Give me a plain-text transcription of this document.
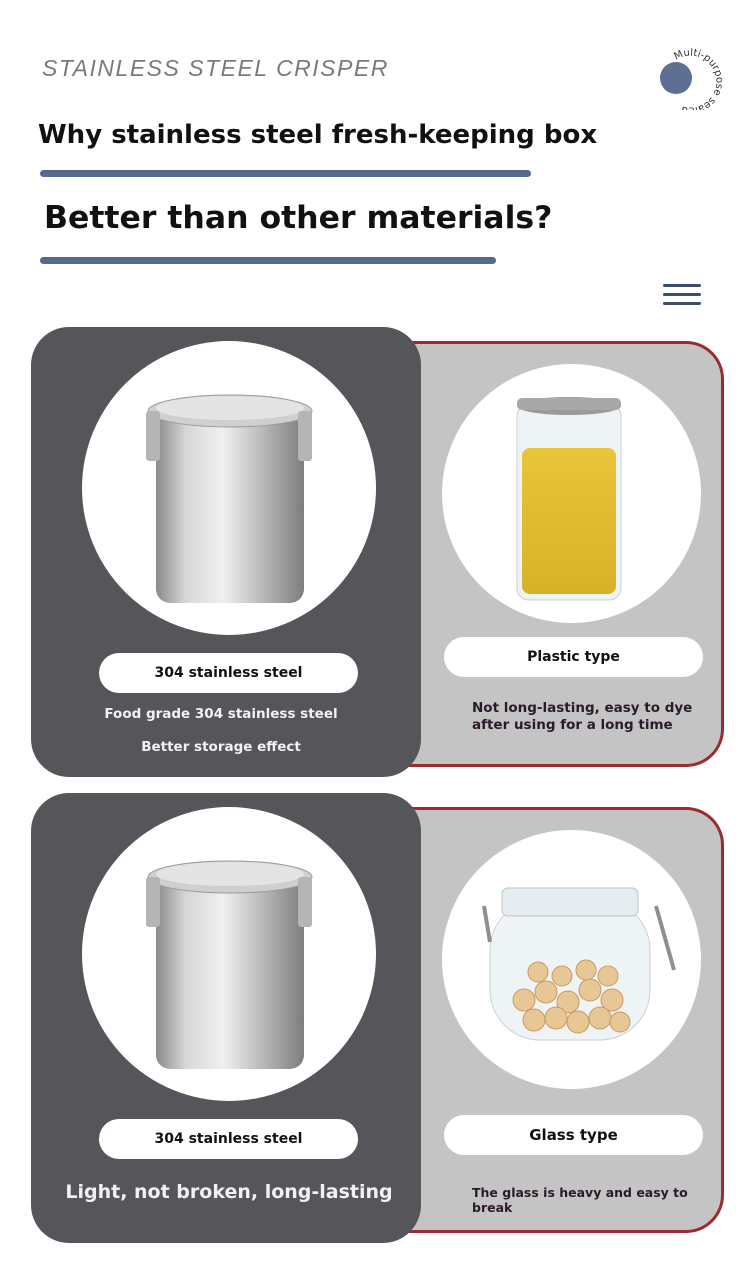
STAINLESS STEEL CRISPER	Multi-purpose seal d
Why stainless steel fresh-keeping box
Better than other materials?
304 stainless steel
Food grade 304 stainless steel
Better storage effect
Plastic type
Not long-lasting, easy to dye after using for a long time
304 stainless steel
Light, not broken, long-lasting
Glass type
The glass is heavy and easy to break
